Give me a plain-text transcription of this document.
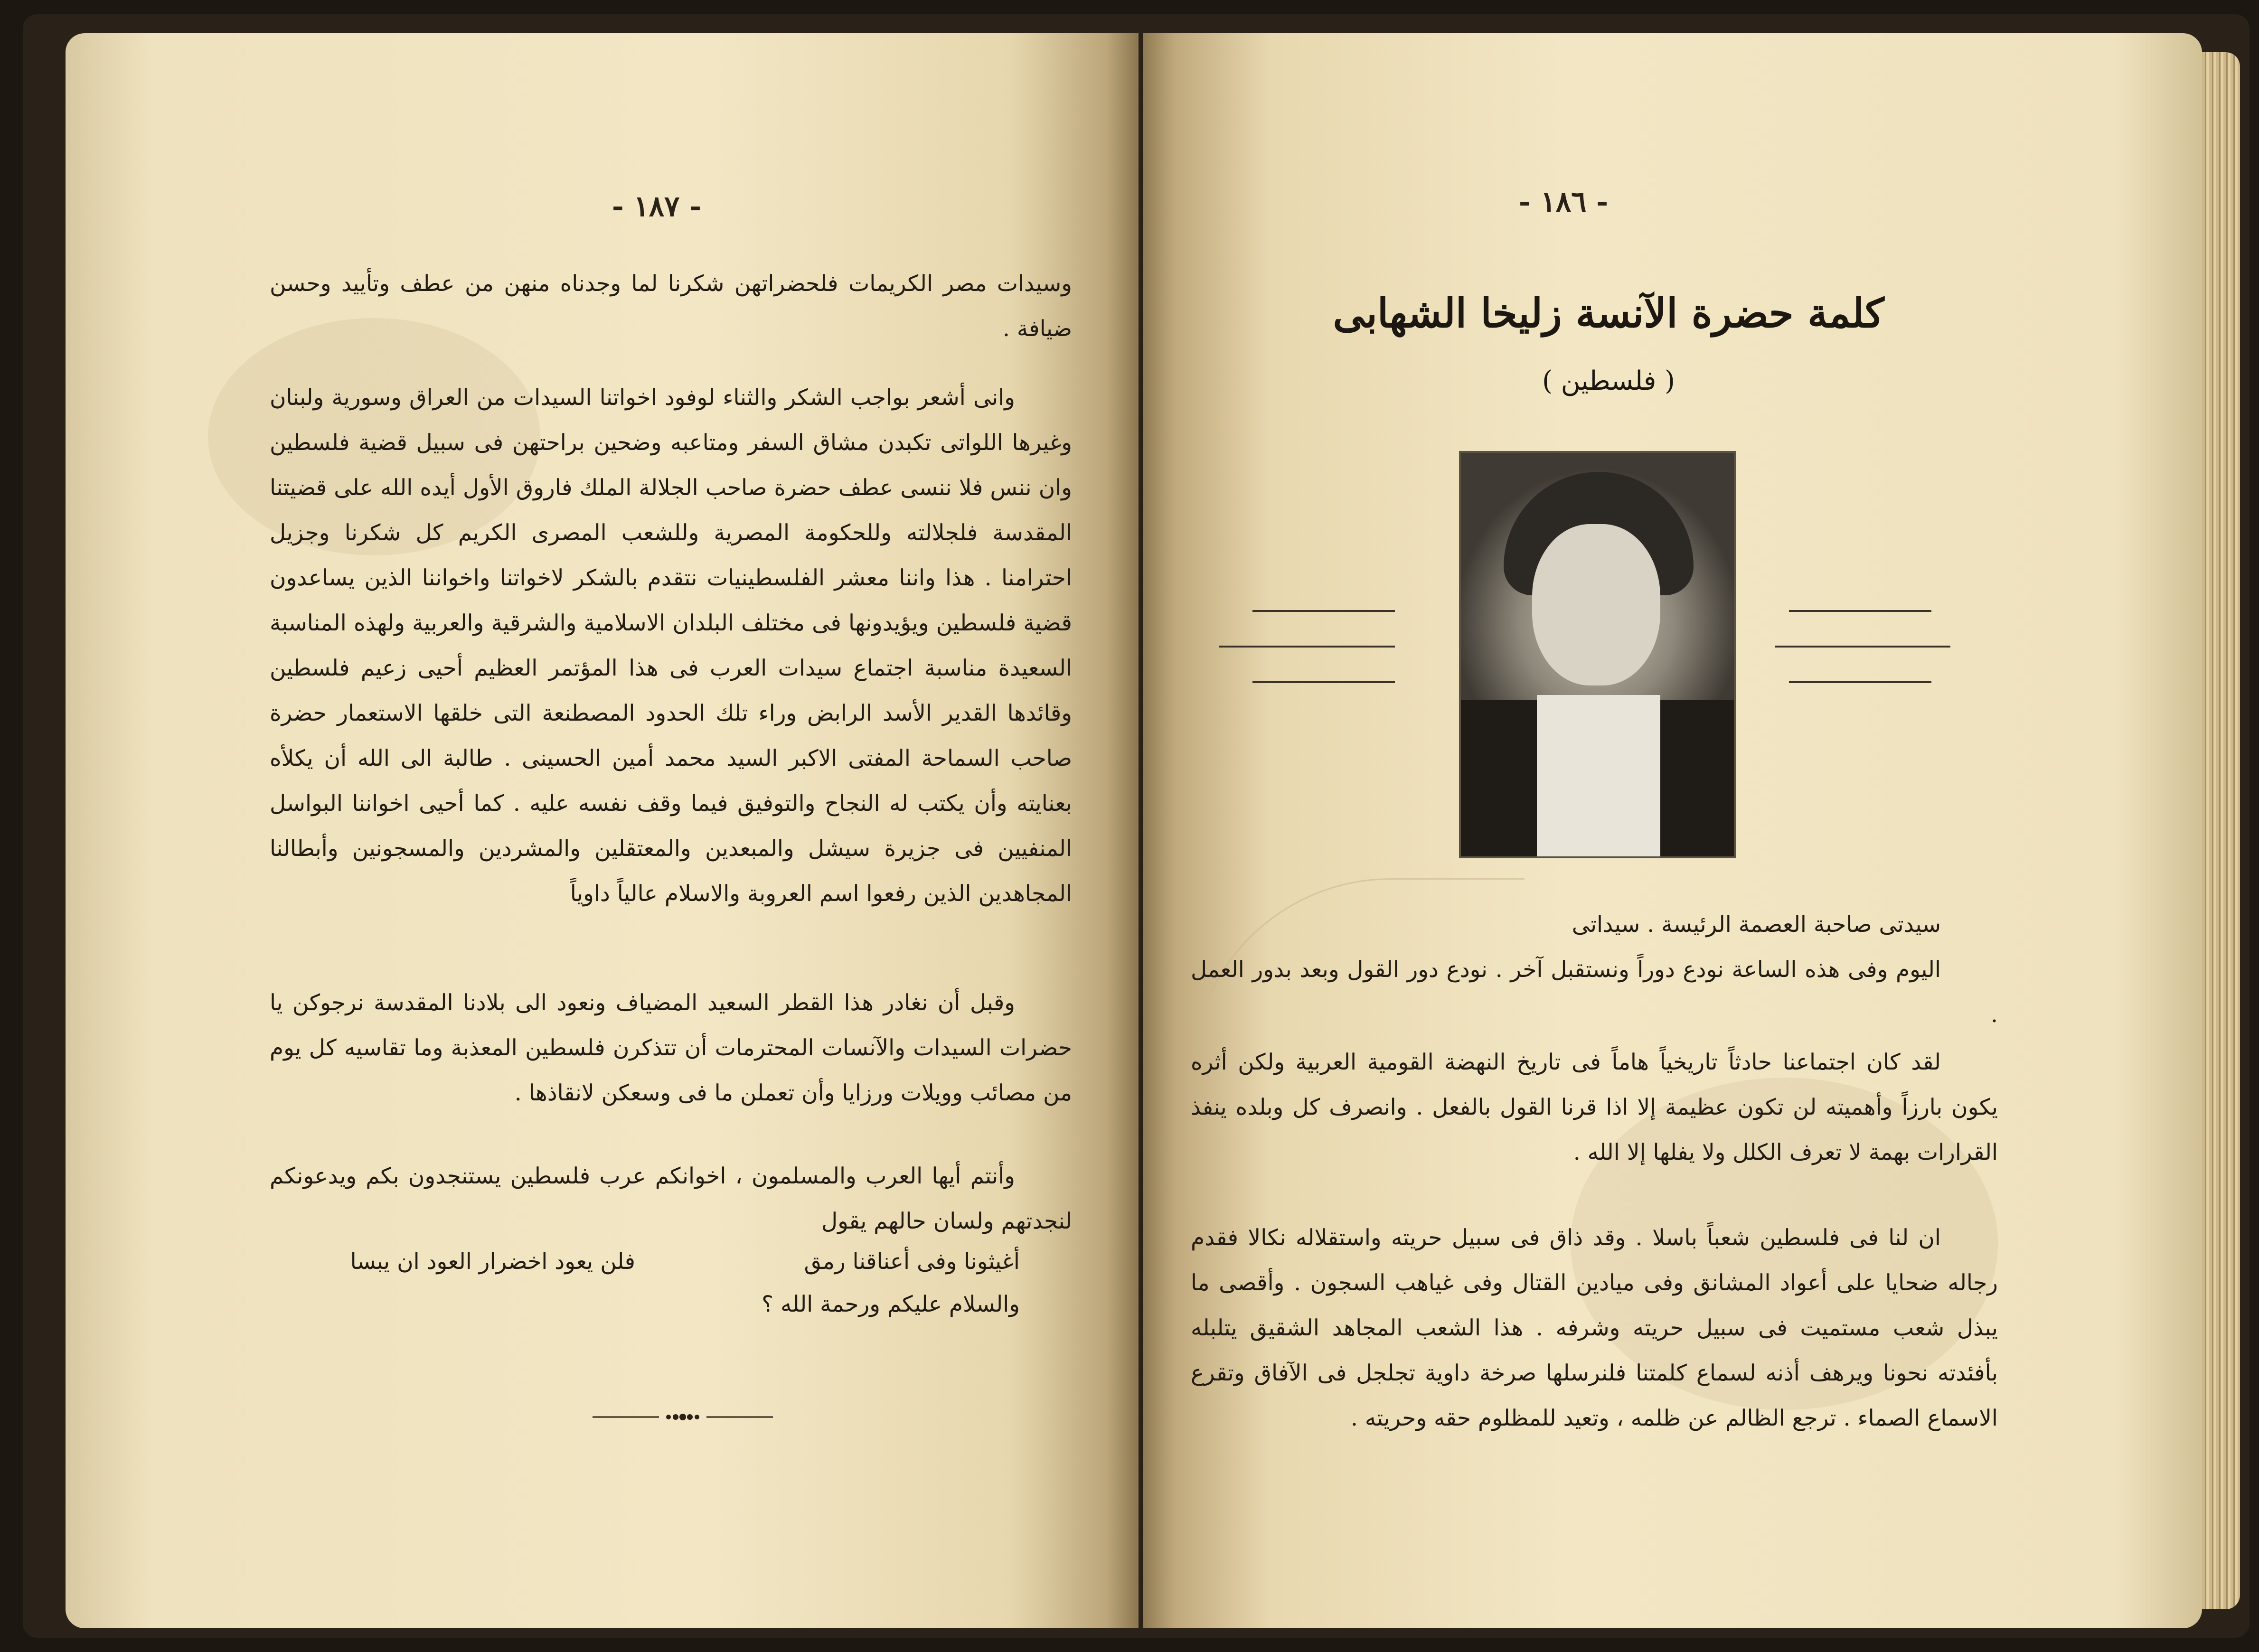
- ١٨٧ -
وسيدات مصر الكريمات فلحضراتهن شكرنا لما وجدناه منهن من عطف وتأييد وحسن ضيافة .
وانى أشعر بواجب الشكر والثناء لوفود اخواتنا السيدات من العراق وسورية ولبنان وغيرها اللواتى تكبدن مشاق السفر ومتاعبه وضحين براحتهن فى سبيل قضية فلسطين وان ننس فلا ننسى عطف حضرة صاحب الجلالة الملك فاروق الأول أيده الله على قضيتنا المقدسة فلجلالته وللحكومة المصرية وللشعب المصرى الكريم كل شكرنا وجزيل احترامنا . هذا واننا معشر الفلسطينيات نتقدم بالشكر لاخواتنا واخواننا الذين يساعدون قضية فلسطين ويؤيدونها فى مختلف البلدان الاسلامية والشرقية والعربية ولهذه المناسبة السعيدة مناسبة اجتماع سيدات العرب فى هذا المؤتمر العظيم أحيى زعيم فلسطين وقائدها القدير الأسد الرابض وراء تلك الحدود المصطنعة التى خلقها الاستعمار حضرة صاحب السماحة المفتى الاكبر السيد محمد أمين الحسينى . طالبة الى الله أن يكلأه بعنايته وأن يكتب له النجاح والتوفيق فيما وقف نفسه عليه . كما أحيى اخواننا البواسل المنفيين فى جزيرة سيشل والمبعدين والمعتقلين والمشردين والمسجونين وأبطالنا المجاهدين الذين رفعوا اسم العروبة والاسلام عالياً داوياً
وقبل أن نغادر هذا القطر السعيد المضياف ونعود الى بلادنا المقدسة نرجوكن يا حضرات السيدات والآنسات المحترمات أن تتذكرن فلسطين المعذبة وما تقاسيه كل يوم من مصائب وويلات ورزايا وأن تعملن ما فى وسعكن لانقاذها .
وأنتم أيها العرب والمسلمون ، اخوانكم عرب فلسطين يستنجدون بكم ويدعونكم لنجدتهم ولسان حالهم يقول
أغيثونا وفى أعناقنا رمق
فلن يعود اخضرار العود ان يبسا
والسلام عليكم ورحمة الله ؟
- ١٨٦ -
كلمة حضرة الآنسة زليخا الشهابى
( فلسطين )
سيدتى صاحبة العصمة الرئيسة . سيداتى
اليوم وفى هذه الساعة نودع دوراً ونستقبل آخر . نودع دور القول وبعد بدور العمل .
لقد كان اجتماعنا حادثاً تاريخياً هاماً فى تاريخ النهضة القومية العربية ولكن أثره يكون بارزاً وأهميته لن تكون عظيمة إلا اذا قرنا القول بالفعل . وانصرف كل وبلده ينفذ القرارات بهمة لا تعرف الكلل ولا يفلها إلا الله .
ان لنا فى فلسطين شعباً باسلا . وقد ذاق فى سبيل حريته واستقلاله نكالا فقدم رجاله ضحايا على أعواد المشانق وفى ميادين القتال وفى غياهب السجون . وأقصى ما يبذل شعب مستميت فى سبيل حريته وشرفه . هذا الشعب المجاهد الشقيق يتلبله بأفئدته نحونا ويرهف أذنه لسماع كلمتنا فلنرسلها صرخة داوية تجلجل فى الآفاق وتقرع الاسماع الصماء . ترجع الظالم عن ظلمه ، وتعيد للمظلوم حقه وحريته .
